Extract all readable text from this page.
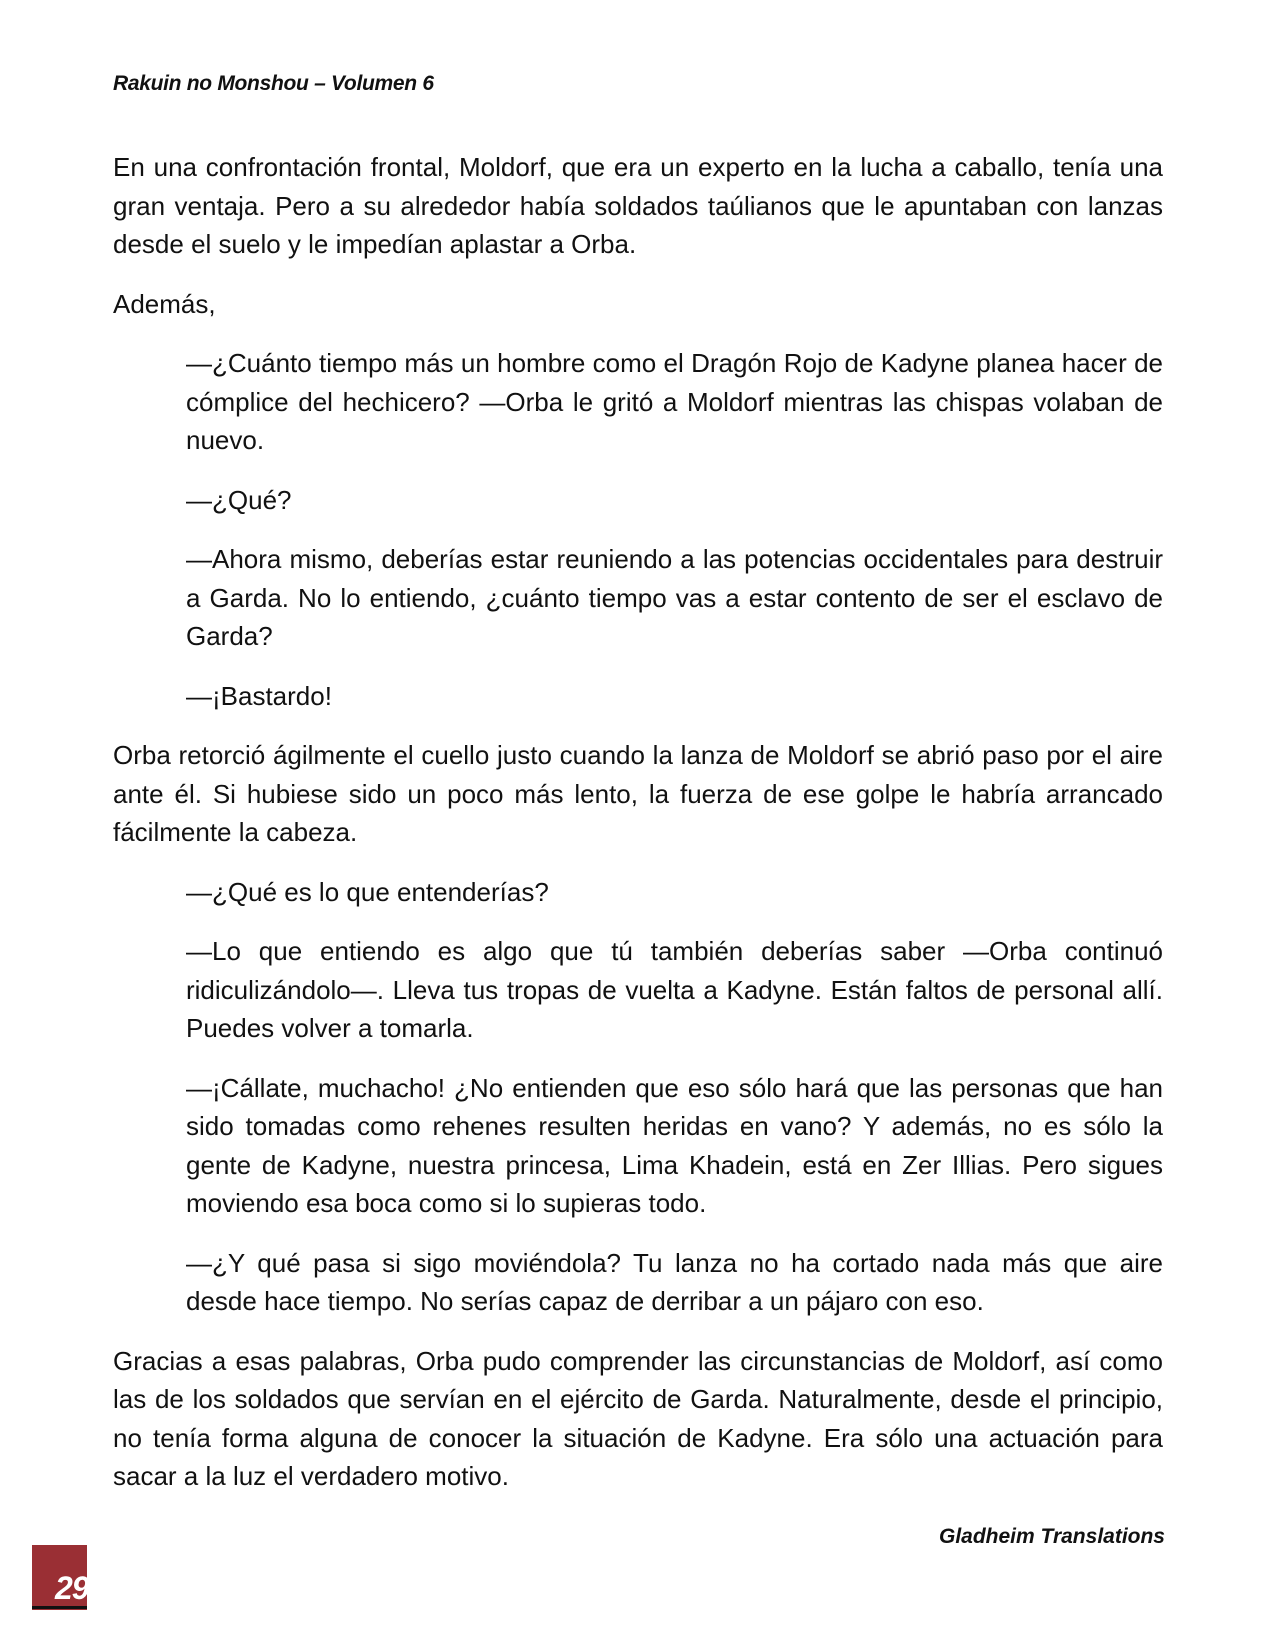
Rakuin no Monshou – Volumen 6

En una confrontación frontal, Moldorf, que era un experto en la lucha a caballo, tenía una gran ventaja. Pero a su alrededor había soldados taúlianos que le apuntaban con lanzas desde el suelo y le impedían aplastar a Orba.

Además,

—¿Cuánto tiempo más un hombre como el Dragón Rojo de Kadyne planea hacer de cómplice del hechicero? —Orba le gritó a Moldorf mientras las chispas volaban de nuevo.

—¿Qué?

—Ahora mismo, deberías estar reuniendo a las potencias occidentales para destruir a Garda. No lo entiendo, ¿cuánto tiempo vas a estar contento de ser el esclavo de Garda?

—¡Bastardo!

Orba retorció ágilmente el cuello justo cuando la lanza de Moldorf se abrió paso por el aire ante él. Si hubiese sido un poco más lento, la fuerza de ese golpe le habría arrancado fácilmente la cabeza.

—¿Qué es lo que entenderías?

—Lo que entiendo es algo que tú también deberías saber —Orba continuó ridiculizándolo—. Lleva tus tropas de vuelta a Kadyne. Están faltos de personal allí. Puedes volver a tomarla.

—¡Cállate, muchacho! ¿No entienden que eso sólo hará que las personas que han sido tomadas como rehenes resulten heridas en vano? Y además, no es sólo la gente de Kadyne, nuestra princesa, Lima Khadein, está en Zer Illias. Pero sigues moviendo esa boca como si lo supieras todo.

—¿Y qué pasa si sigo moviéndola? Tu lanza no ha cortado nada más que aire desde hace tiempo. No serías capaz de derribar a un pájaro con eso.

Gracias a esas palabras, Orba pudo comprender las circunstancias de Moldorf, así como las de los soldados que servían en el ejército de Garda. Naturalmente, desde el principio, no tenía forma alguna de conocer la situación de Kadyne. Era sólo una actuación para sacar a la luz el verdadero motivo.

Gladheim Translations
29
